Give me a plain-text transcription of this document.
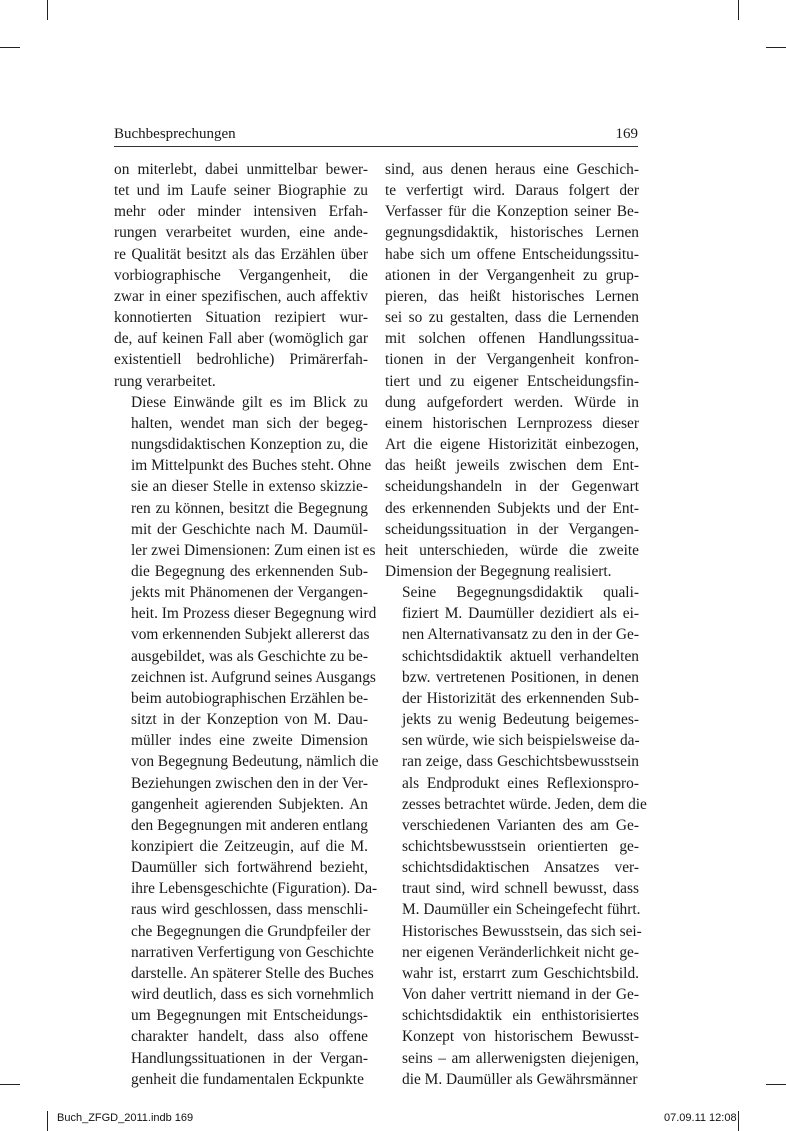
Buchbesprechungen	169

on miterlebt, dabei unmittelbar bewer-
tet und im Laufe seiner Biographie zu
mehr oder minder intensiven Erfah-
rungen verarbeitet wurden, eine ande-
re Qualität besitzt als das Erzählen über
vorbiographische Vergangenheit, die
zwar in einer spezifischen, auch affektiv
konnotierten Situation rezipiert wur-
de, auf keinen Fall aber (womöglich gar
existentiell bedrohliche) Primärerfah-
rung verarbeitet.

Diese Einwände gilt es im Blick zu
halten, wendet man sich der begeg-
nungsdidaktischen Konzeption zu, die
im Mittelpunkt des Buches steht. Ohne
sie an dieser Stelle in extenso skizzie-
ren zu können, besitzt die Begegnung
mit der Geschichte nach M. Daumül-
ler zwei Dimensionen: Zum einen ist es
die Begegnung des erkennenden Sub-
jekts mit Phänomenen der Vergangen-
heit. Im Prozess dieser Begegnung wird
vom erkennenden Subjekt allererst das
ausgebildet, was als Geschichte zu be-
zeichnen ist. Aufgrund seines Ausgangs
beim autobiographischen Erzählen be-
sitzt in der Konzeption von M. Dau-
müller indes eine zweite Dimension
von Begegnung Bedeutung, nämlich die
Beziehungen zwischen den in der Ver-
gangenheit agierenden Subjekten. An
den Begegnungen mit anderen entlang
konzipiert die Zeitzeugin, auf die M.
Daumüller sich fortwährend bezieht,
ihre Lebensgeschichte (Figuration). Da-
raus wird geschlossen, dass menschli-
che Begegnungen die Grundpfeiler der
narrativen Verfertigung von Geschichte
darstelle. An späterer Stelle des Buches
wird deutlich, dass es sich vornehmlich
um Begegnungen mit Entscheidungs-
charakter handelt, dass also offene
Handlungssituationen in der Vergan-
genheit die fundamentalen Eckpunkte

sind, aus denen heraus eine Geschich-
te verfertigt wird. Daraus folgert der
Verfasser für die Konzeption seiner Be-
gegnungsdidaktik, historisches Lernen
habe sich um offene Entscheidungssitu-
ationen in der Vergangenheit zu grup-
pieren, das heißt historisches Lernen
sei so zu gestalten, dass die Lernenden
mit solchen offenen Handlungssitua-
tionen in der Vergangenheit konfron-
tiert und zu eigener Entscheidungsfin-
dung aufgefordert werden. Würde in
einem historischen Lernprozess dieser
Art die eigene Historizität einbezogen,
das heißt jeweils zwischen dem Ent-
scheidungshandeln in der Gegenwart
des erkennenden Subjekts und der Ent-
scheidungssituation in der Vergangen-
heit unterschieden, würde die zweite
Dimension der Begegnung realisiert.

Seine Begegnungsdidaktik quali-
fiziert M. Daumüller dezidiert als ei-
nen Alternativansatz zu den in der Ge-
schichtsdidaktik aktuell verhandelten
bzw. vertretenen Positionen, in denen
der Historizität des erkennenden Sub-
jekts zu wenig Bedeutung beigemes-
sen würde, wie sich beispielsweise da-
ran zeige, dass Geschichtsbewusstsein
als Endprodukt eines Reflexionspro-
zesses betrachtet würde. Jeden, dem die
verschiedenen Varianten des am Ge-
schichtsbewusstsein orientierten ge-
schichtsdidaktischen Ansatzes ver-
traut sind, wird schnell bewusst, dass
M. Daumüller ein Scheingefecht führt.
Historisches Bewusstsein, das sich sei-
ner eigenen Veränderlichkeit nicht ge-
wahr ist, erstarrt zum Geschichtsbild.
Von daher vertritt niemand in der Ge-
schichtsdidaktik ein enthistorisiertes
Konzept von historischem Bewusst-
seins – am allerwenigsten diejenigen,
die M. Daumüller als Gewährsmänner

Buch_ZFGD_2011.indb 169	07.09.11 12:08
